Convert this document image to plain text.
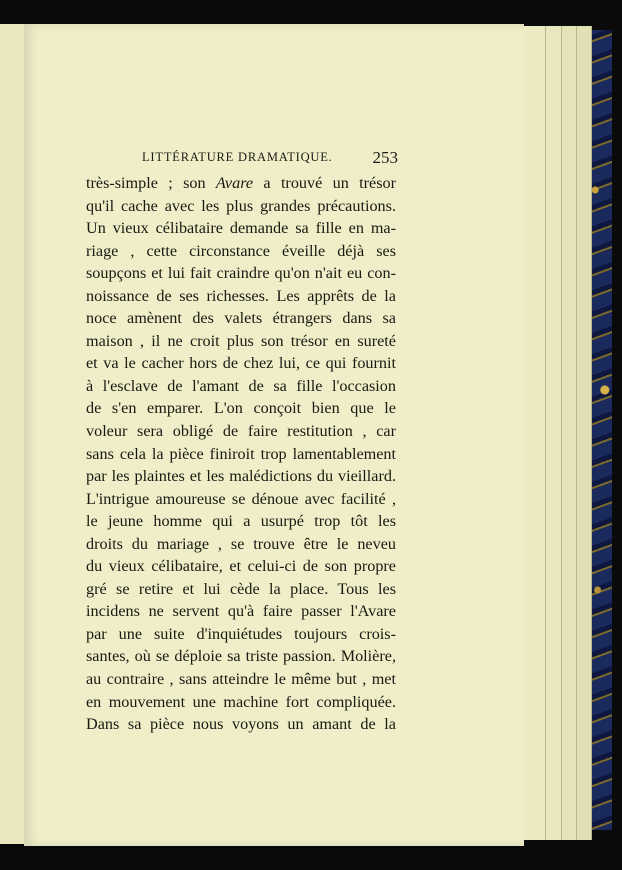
LITTÉRATURE DRAMATIQUE. 253
très-simple ; son Avare a trouvé un trésor
qu'il cache avec les plus grandes précautions.
Un vieux célibataire demande sa fille en ma-
riage , cette circonstance éveille déjà ses
soupçons et lui fait craindre qu'on n'ait eu con-
noissance de ses richesses. Les apprêts de la
noce amènent des valets étrangers dans sa
maison , il ne croit plus son trésor en sureté
et va le cacher hors de chez lui, ce qui fournit
à l'esclave de l'amant de sa fille l'occasion
de s'en emparer. L'on conçoit bien que le
voleur sera obligé de faire restitution , car
sans cela la pièce finiroit trop lamentablement
par les plaintes et les malédictions du vieillard.
L'intrigue amoureuse se dénoue avec facilité ,
le jeune homme qui a usurpé trop tôt les
droits du mariage , se trouve être le neveu
du vieux célibataire, et celui-ci de son propre
gré se retire et lui cède la place. Tous les
incidens ne servent qu'à faire passer l'Avare
par une suite d'inquiétudes toujours crois-
santes, où se déploie sa triste passion. Molière,
au contraire , sans atteindre le même but , met
en mouvement une machine fort compliquée.
Dans sa pièce nous voyons un amant de la
